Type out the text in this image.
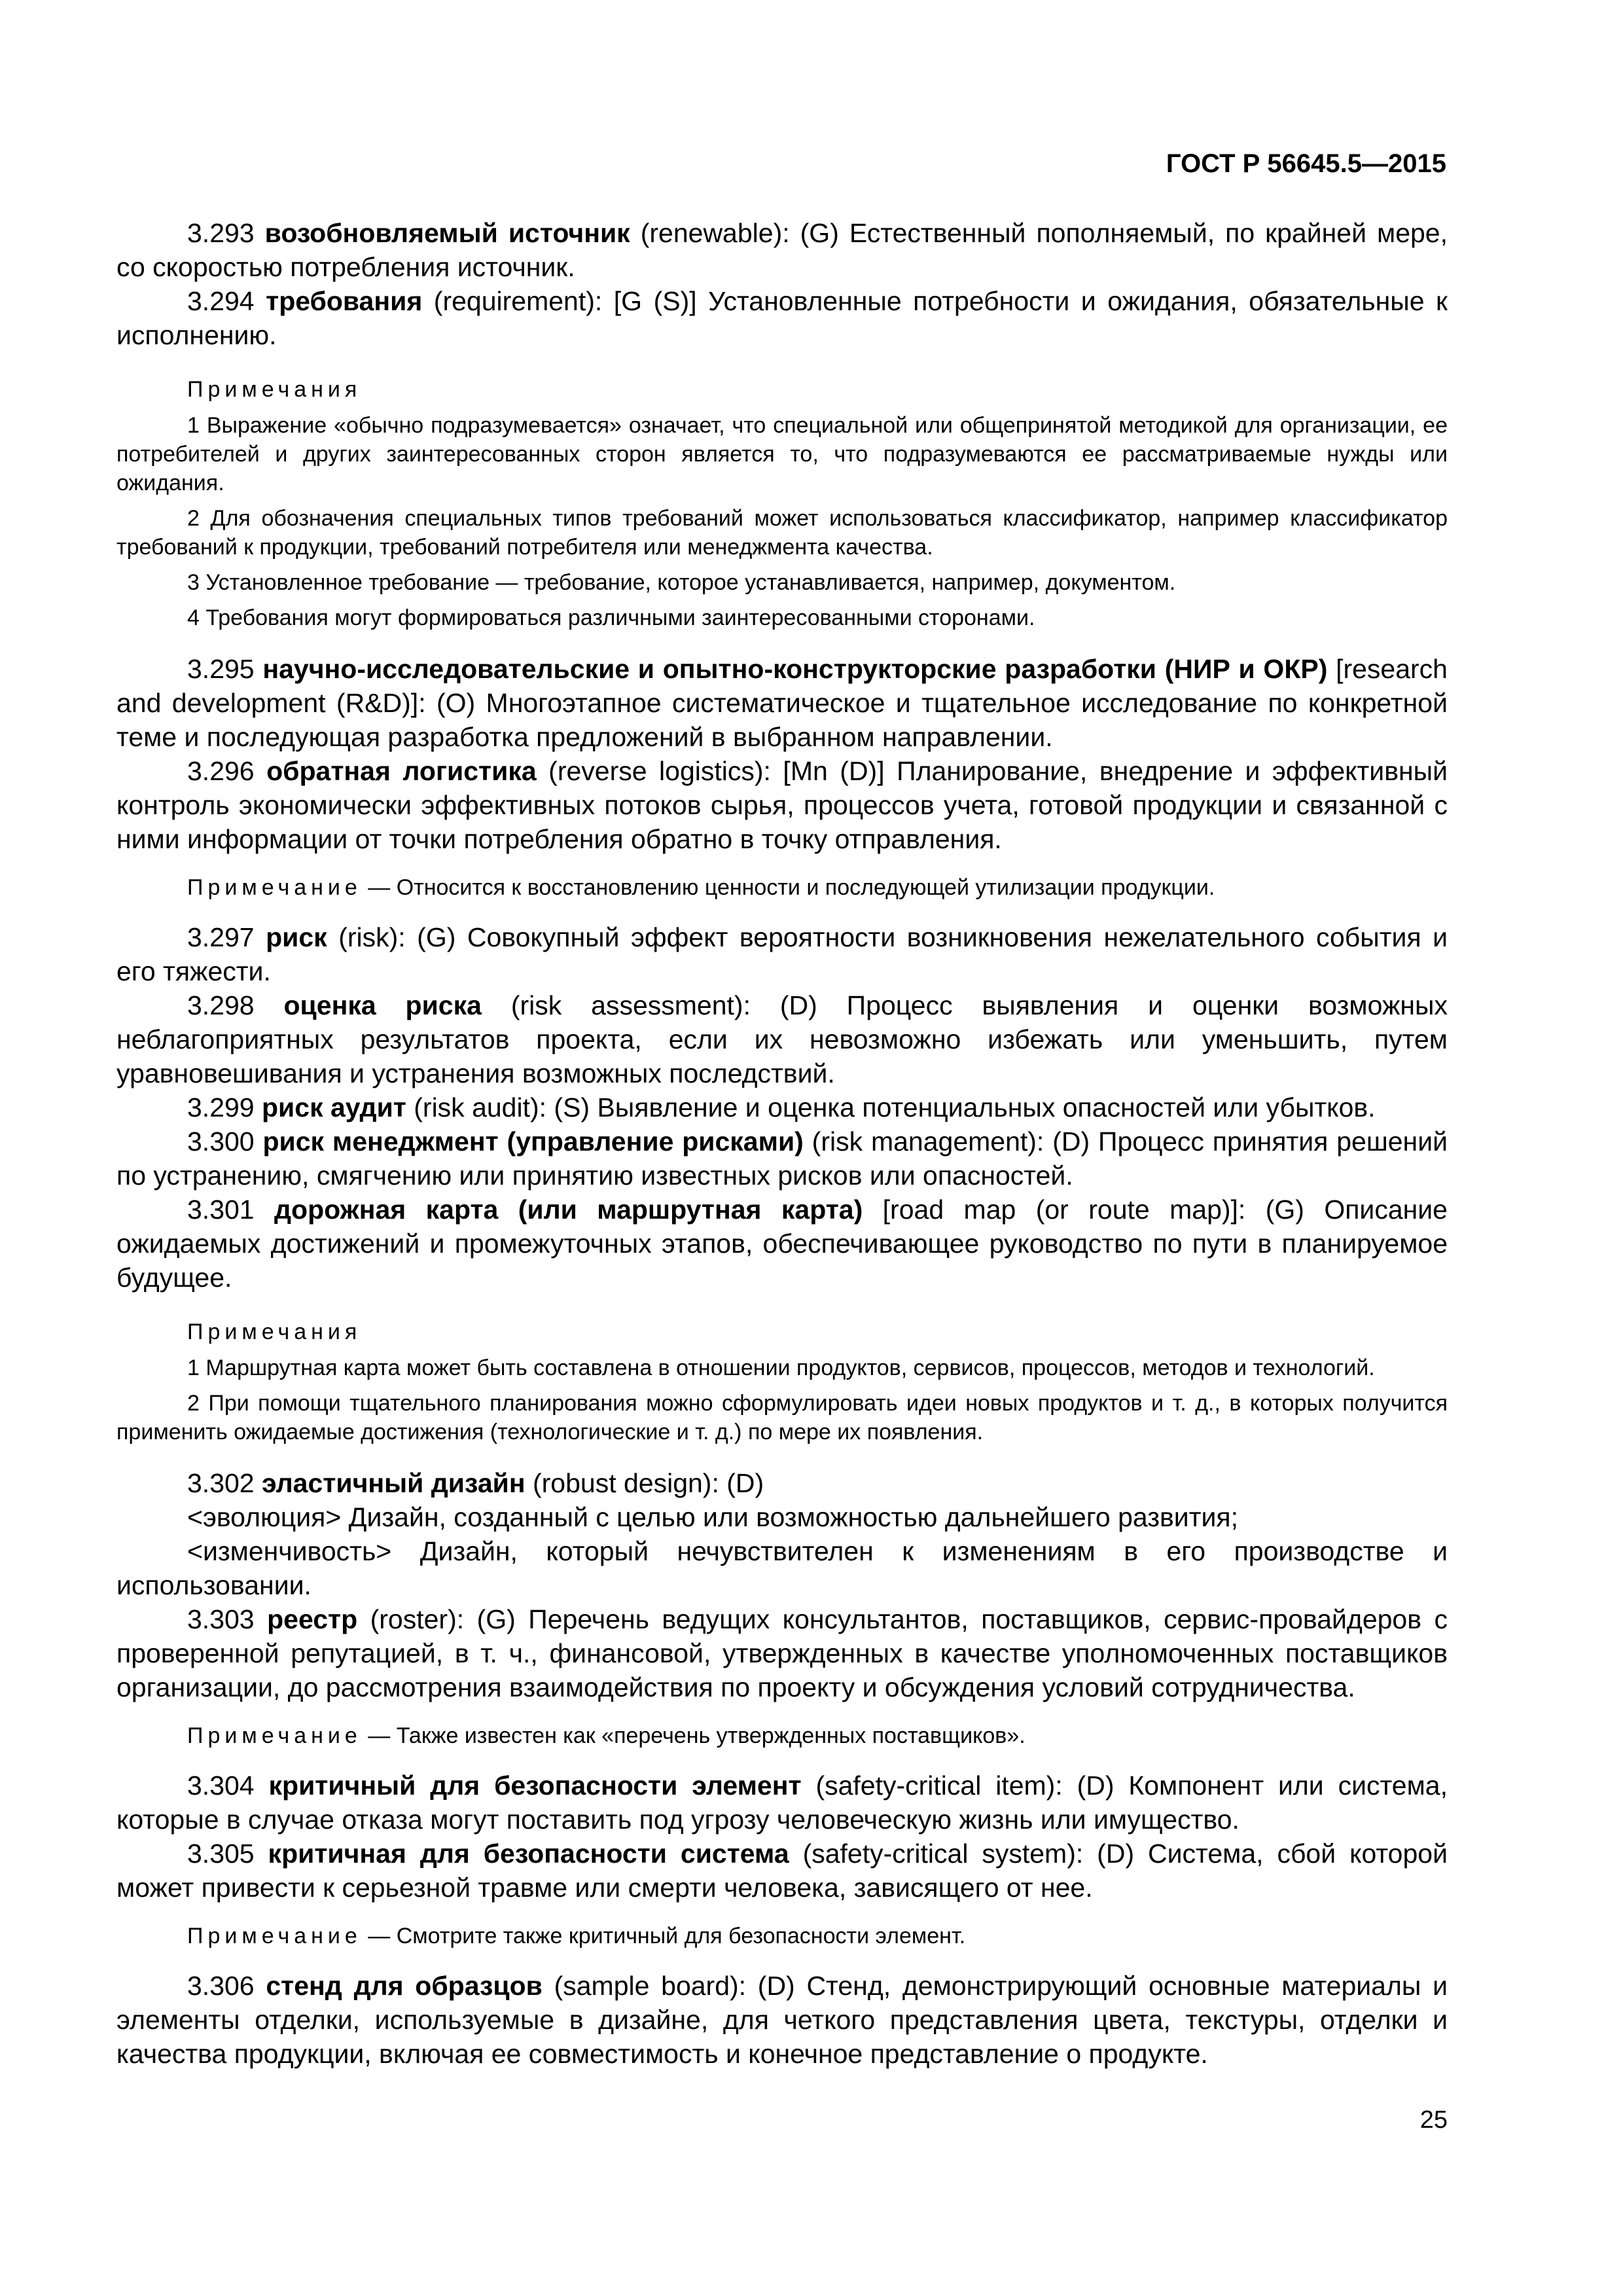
ГОСТ Р 56645.5—2015

3.293 возобновляемый источник (renewable): (G) Естественный пополняемый, по крайней мере, со скоростью потребления источник.

3.294 требования (requirement): [G (S)] Установленные потребности и ожидания, обязательные к исполнению.

Примечания

1 Выражение «обычно подразумевается» означает, что специальной или общепринятой методикой для организации, ее потребителей и других заинтересованных сторон является то, что подразумеваются ее рассматриваемые нужды или ожидания.

2 Для обозначения специальных типов требований может использоваться классификатор, например классификатор требований к продукции, требований потребителя или менеджмента качества.

3 Установленное требование — требование, которое устанавливается, например, документом.

4 Требования могут формироваться различными заинтересованными сторонами.

3.295 научно-исследовательские и опытно-конструкторские разработки (НИР и ОКР) [research and development (R&D)]: (О) Многоэтапное систематическое и тщательное исследование по конкретной теме и последующая разработка предложений в выбранном направлении.

3.296 обратная логистика (reverse logistics): [Mn (D)] Планирование, внедрение и эффективный контроль экономически эффективных потоков сырья, процессов учета, готовой продукции и связанной с ними информации от точки потребления обратно в точку отправления.

Примечание — Относится к восстановлению ценности и последующей утилизации продукции.

3.297 риск (risk): (G) Совокупный эффект вероятности возникновения нежелательного события и его тяжести.

3.298 оценка риска (risk assessment): (D) Процесс выявления и оценки возможных неблагоприятных результатов проекта, если их невозможно избежать или уменьшить, путем уравновешивания и устранения возможных последствий.

3.299 риск аудит (risk audit): (S) Выявление и оценка потенциальных опасностей или убытков.

3.300 риск менеджмент (управление рисками) (risk management): (D) Процесс принятия решений по устранению, смягчению или принятию известных рисков или опасностей.

3.301 дорожная карта (или маршрутная карта) [road map (or route map)]: (G) Описание ожидаемых достижений и промежуточных этапов, обеспечивающее руководство по пути в планируемое будущее.

Примечания

1 Маршрутная карта может быть составлена в отношении продуктов, сервисов, процессов, методов и технологий.

2 При помощи тщательного планирования можно сформулировать идеи новых продуктов и т. д., в которых получится применить ожидаемые достижения (технологические и т. д.) по мере их появления.

3.302 эластичный дизайн (robust design): (D)

<эволюция> Дизайн, созданный с целью или возможностью дальнейшего развития;

<изменчивость> Дизайн, который нечувствителен к изменениям в его производстве и использовании.

3.303 реестр (roster): (G) Перечень ведущих консультантов, поставщиков, сервис-провайдеров с проверенной репутацией, в т. ч., финансовой, утвержденных в качестве уполномоченных поставщиков организации, до рассмотрения взаимодействия по проекту и обсуждения условий сотрудничества.

Примечание — Также известен как «перечень утвержденных поставщиков».

3.304 критичный для безопасности элемент (safety-critical item): (D) Компонент или система, которые в случае отказа могут поставить под угрозу человеческую жизнь или имущество.

3.305 критичная для безопасности система (safety-critical system): (D) Система, сбой которой может привести к серьезной травме или смерти человека, зависящего от нее.

Примечание — Смотрите также критичный для безопасности элемент.

3.306 стенд для образцов (sample board): (D) Стенд, демонстрирующий основные материалы и элементы отделки, используемые в дизайне, для четкого представления цвета, текстуры, отделки и качества продукции, включая ее совместимость и конечное представление о продукте.

25
